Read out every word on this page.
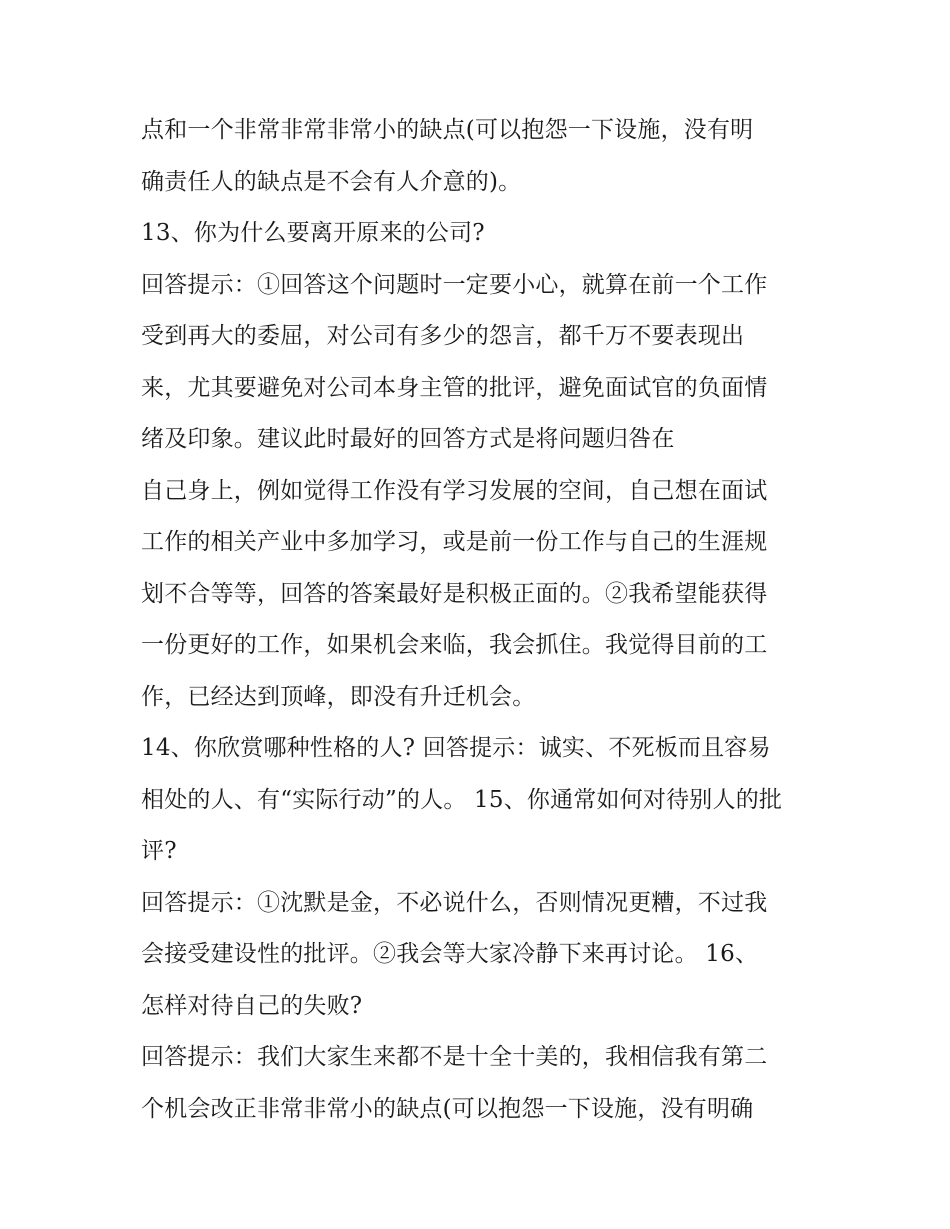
点和一个非常非常非常小的缺点(可以抱怨一下设施，没有明
确责任人的缺点是不会有人介意的)。
13、你为什么要离开原来的公司?
回答提示：①回答这个问题时一定要小心，就算在前一个工作
受到再大的委屈，对公司有多少的怨言，都千万不要表现出
来，尤其要避免对公司本身主管的批评，避免面试官的负面情
绪及印象。建议此时最好的回答方式是将问题归咎在
自己身上，例如觉得工作没有学习发展的空间，自己想在面试
工作的相关产业中多加学习，或是前一份工作与自己的生涯规
划不合等等，回答的答案最好是积极正面的。②我希望能获得
一份更好的工作，如果机会来临，我会抓住。我觉得目前的工
作，已经达到顶峰，即没有升迁机会。
14、你欣赏哪种性格的人? 回答提示：诚实、不死板而且容易
相处的人、有“实际行动”的人。 15、你通常如何对待别人的批
评?
回答提示：①沈默是金，不必说什么，否则情况更糟，不过我
会接受建设性的批评。②我会等大家冷静下来再讨论。 16、
怎样对待自己的失败?
回答提示：我们大家生来都不是十全十美的，我相信我有第二
个机会改正非常非常小的缺点(可以抱怨一下设施，没有明确
